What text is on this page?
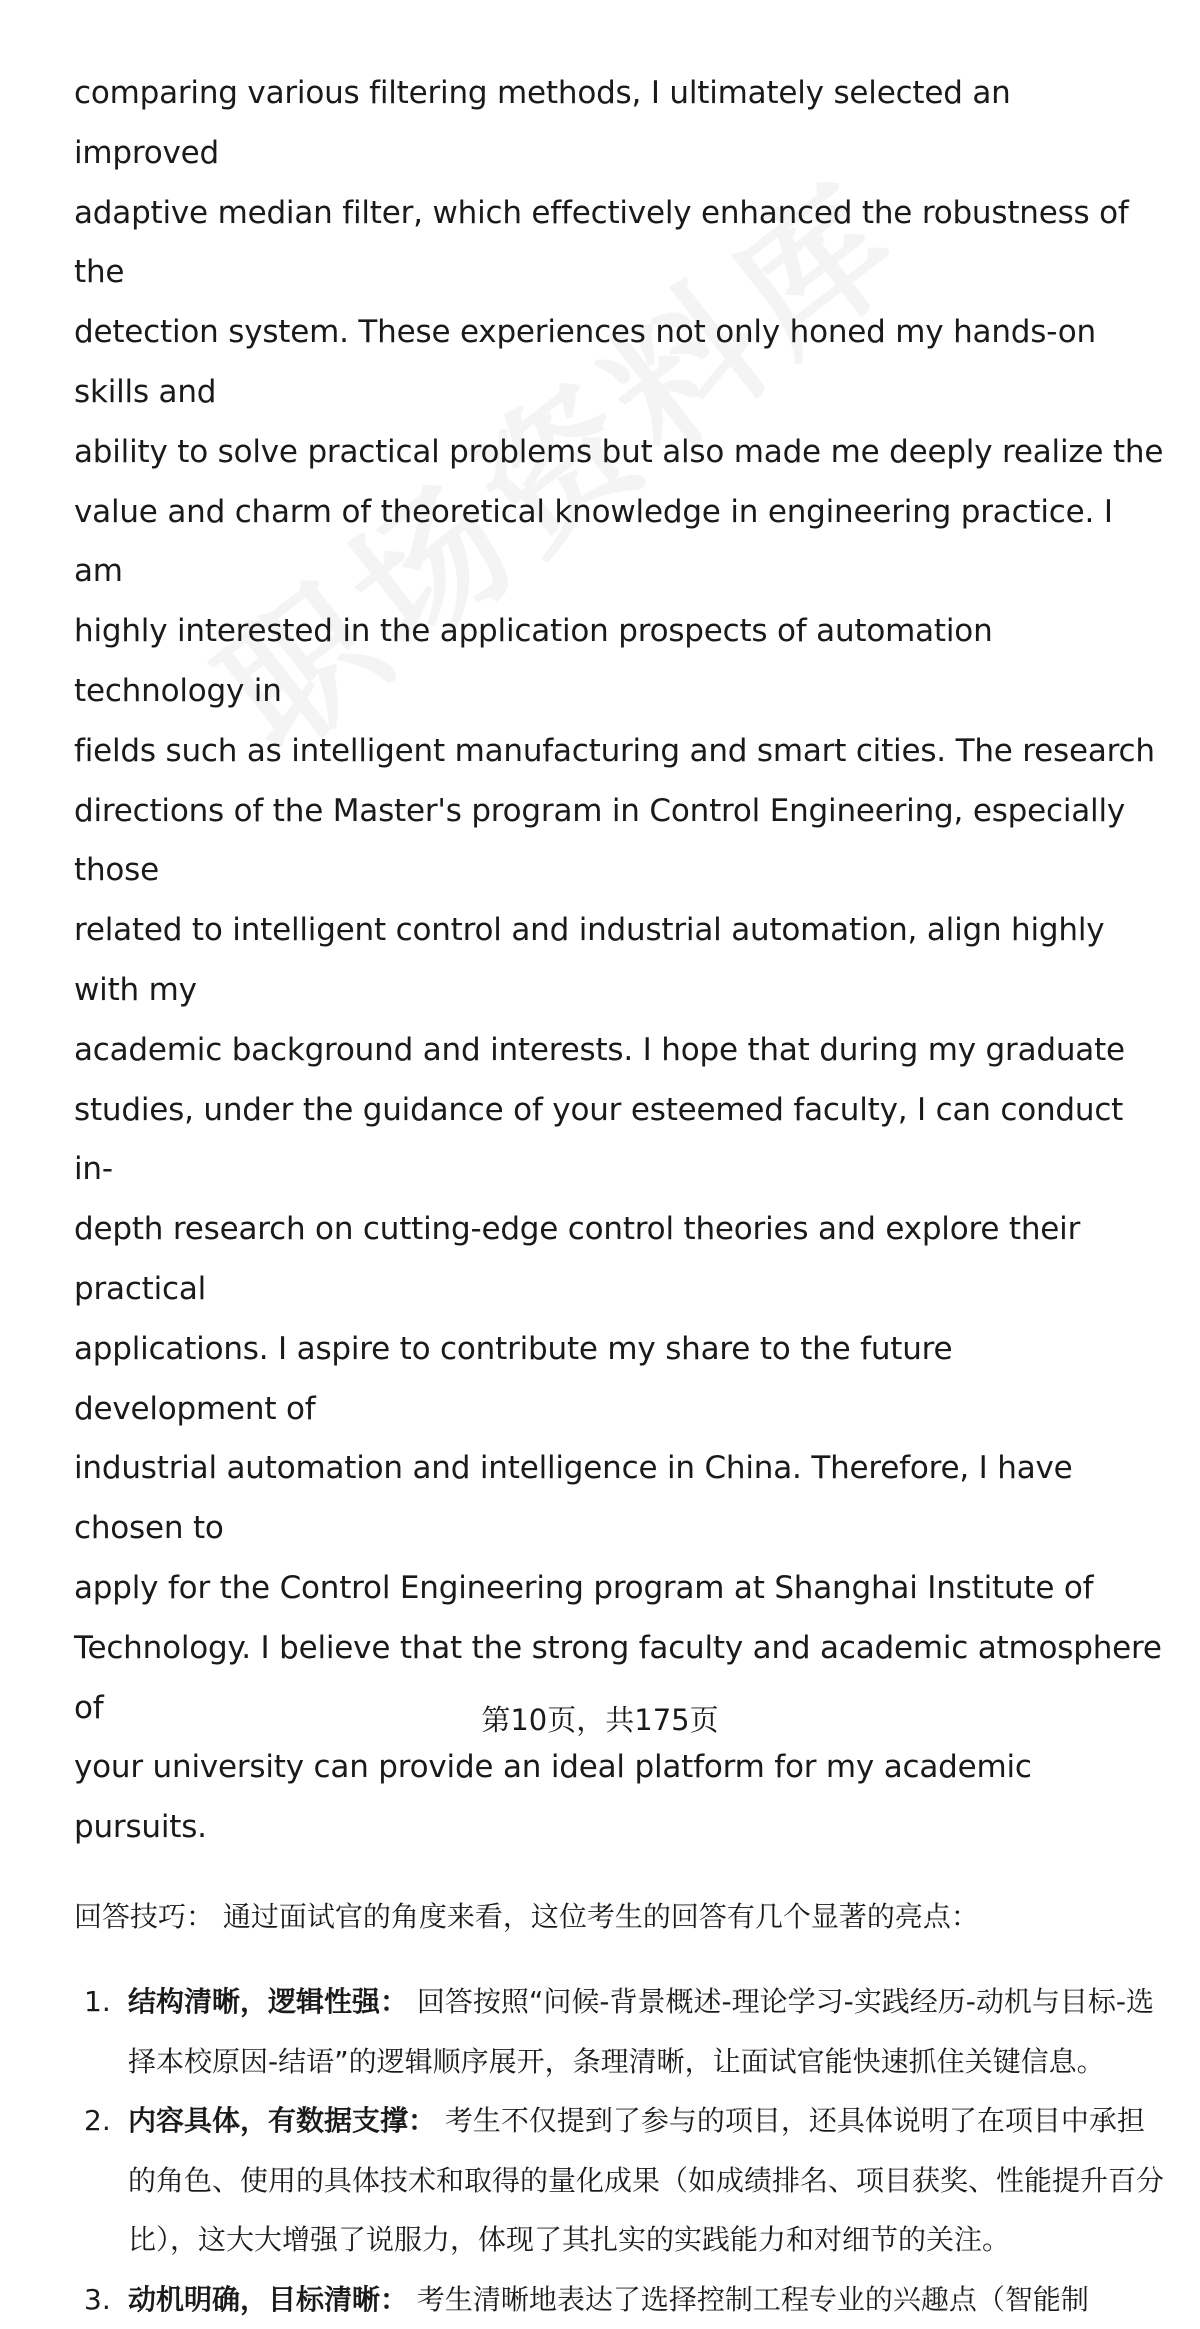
comparing various filtering methods, I ultimately selected an improved
adaptive median filter, which effectively enhanced the robustness of the
detection system. These experiences not only honed my hands-on skills and
ability to solve practical problems but also made me deeply realize the
value and charm of theoretical knowledge in engineering practice. I am
highly interested in the application prospects of automation technology in
fields such as intelligent manufacturing and smart cities. The research
directions of the Master's program in Control Engineering, especially those
related to intelligent control and industrial automation, align highly with my
academic background and interests. I hope that during my graduate
studies, under the guidance of your esteemed faculty, I can conduct in-
depth research on cutting-edge control theories and explore their practical
applications. I aspire to contribute my share to the future development of
industrial automation and intelligence in China. Therefore, I have chosen to
apply for the Control Engineering program at Shanghai Institute of
Technology. I believe that the strong faculty and academic atmosphere of
your university can provide an ideal platform for my academic pursuits.

回答技巧： 通过面试官的角度来看，这位考生的回答有几个显著的亮点：

1. 结构清晰，逻辑性强： 回答按照“问候-背景概述-理论学习-实践经历-动机与目标-选择本校原因-结语”的逻辑顺序展开，条理清晰，让面试官能快速抓住关键信息。
2. 内容具体，有数据支撑： 考生不仅提到了参与的项目，还具体说明了在项目中承担的角色、使用的具体技术和取得的量化成果（如成绩排名、项目获奖、性能提升百分比），这大大增强了说服力，体现了其扎实的实践能力和对细节的关注。
3. 动机明确，目标清晰： 考生清晰地表达了选择控制工程专业的兴趣点（智能制
第10页，共175页
